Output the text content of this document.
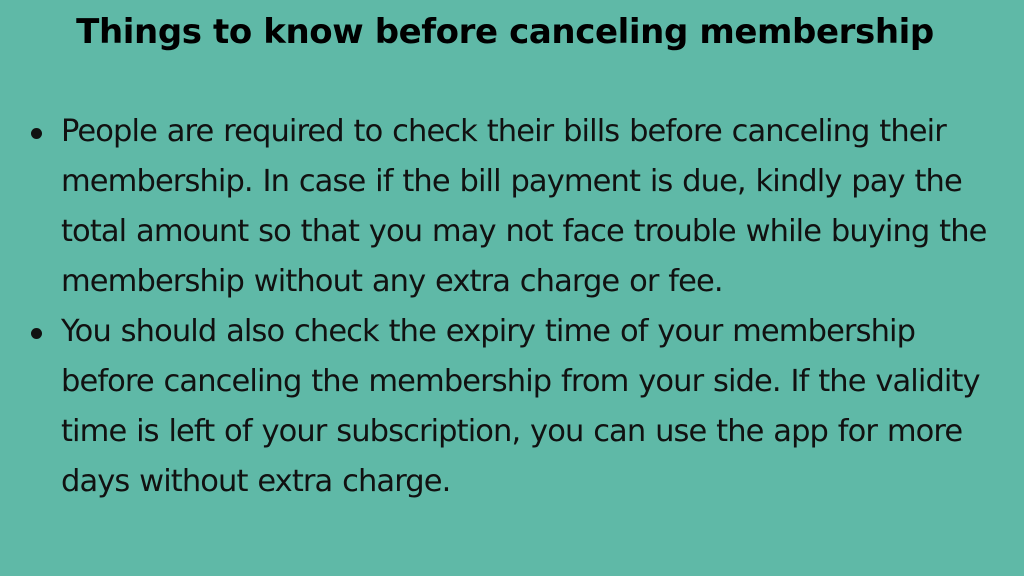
Things to know before canceling membership
People are required to check their bills before canceling their membership. In case if the bill payment is due, kindly pay the total amount so that you may not face trouble while buying the membership without any extra charge or fee.
You should also check the expiry time of your membership before canceling the membership from your side. If the validity time is left of your subscription, you can use the app for more days without extra charge.
